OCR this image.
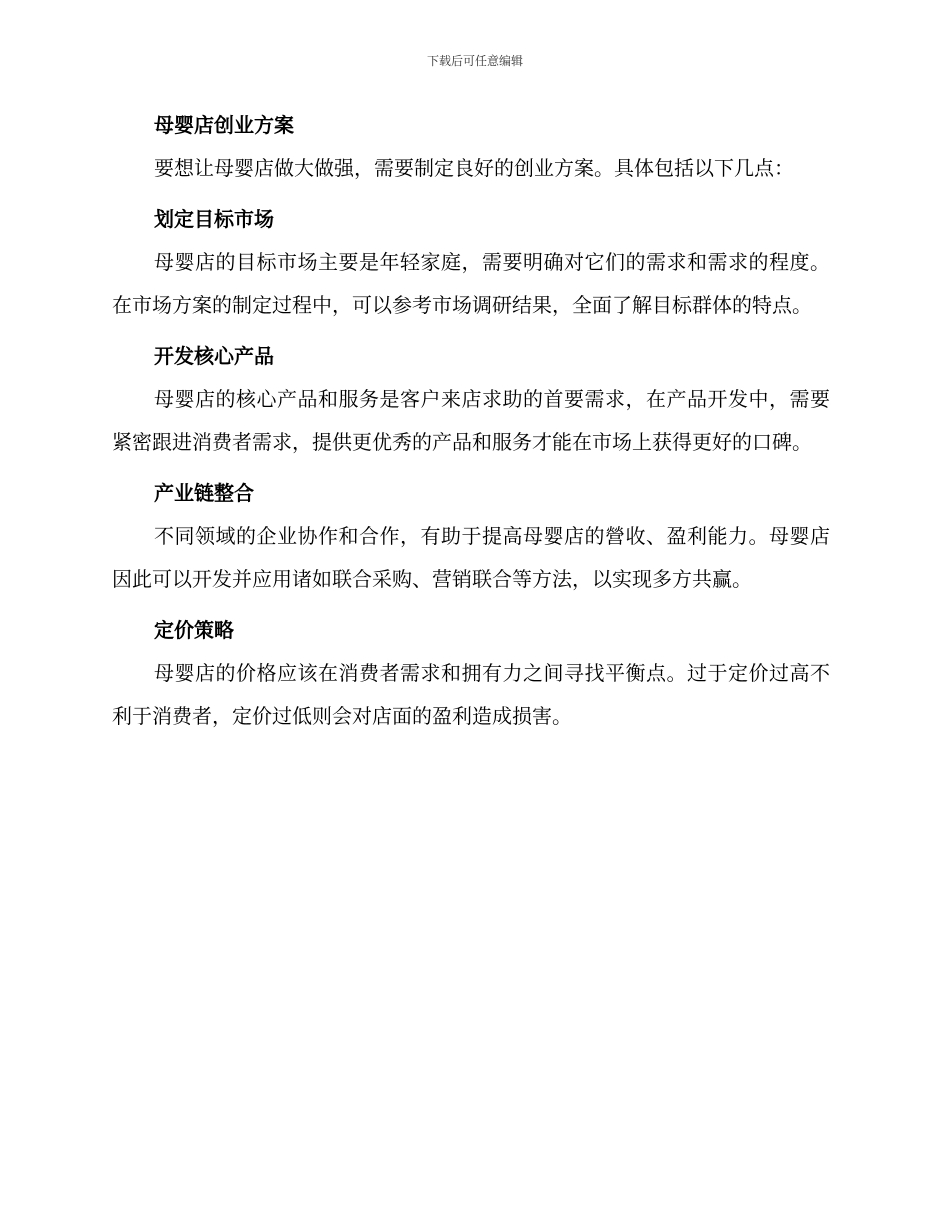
下载后可任意编辑
母婴店创业方案

要想让母婴店做大做强，需要制定良好的创业方案。具体包括以下几点：

划定目标市场

母婴店的目标市场主要是年轻家庭，需要明确对它们的需求和需求的程度。在市场方案的制定过程中，可以参考市场调研结果，全面了解目标群体的特点。

开发核心产品

母婴店的核心产品和服务是客户来店求助的首要需求，在产品开发中，需要紧密跟进消费者需求，提供更优秀的产品和服务才能在市场上获得更好的口碑。

产业链整合

不同领域的企业协作和合作，有助于提高母婴店的營收、盈利能力。母婴店因此可以开发并应用诸如联合采购、营销联合等方法，以实现多方共赢。

定价策略

母婴店的价格应该在消费者需求和拥有力之间寻找平衡点。过于定价过高不利于消费者，定价过低则会对店面的盈利造成损害。
